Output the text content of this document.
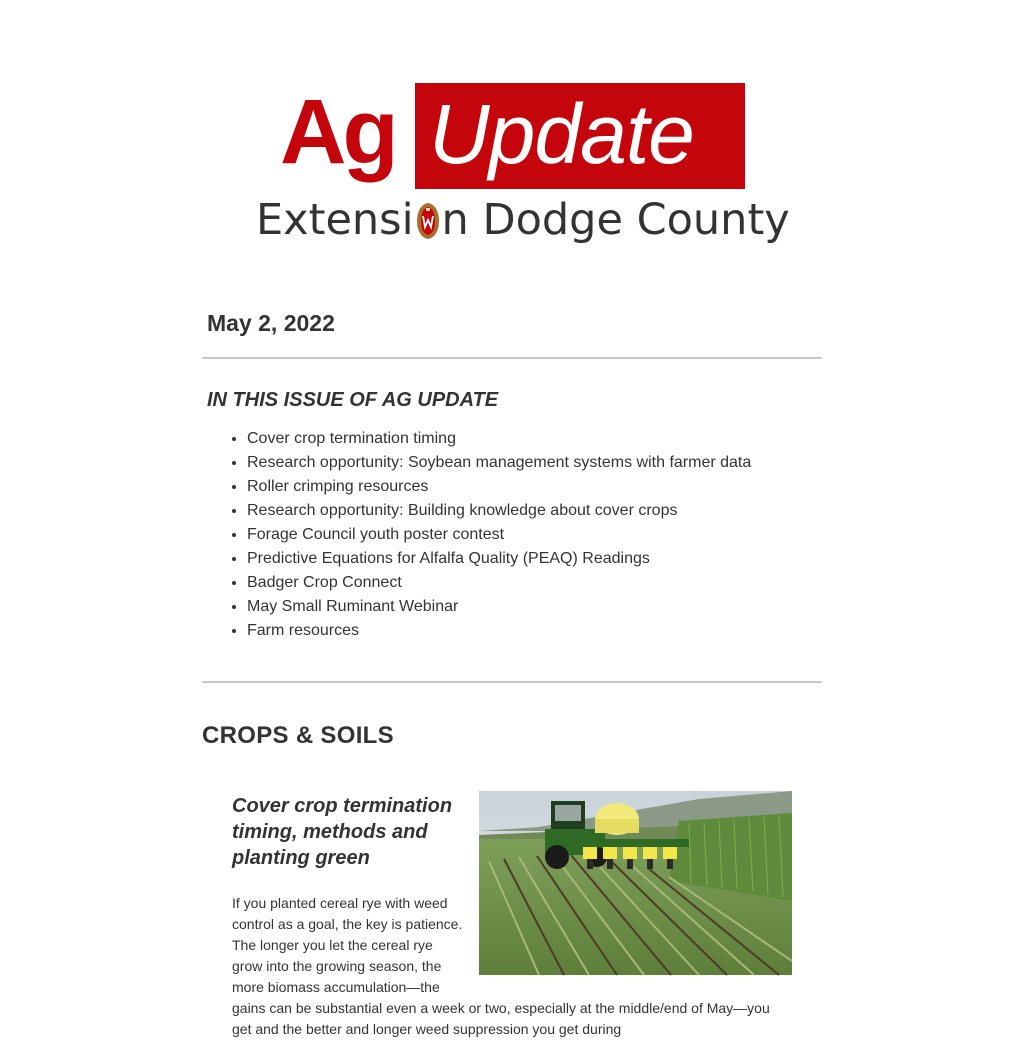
Ag Update
Extensi n Dodge County
May 2, 2022
IN THIS ISSUE OF AG UPDATE
• Cover crop termination timing
• Research opportunity: Soybean management systems with farmer data
• Roller crimping resources
• Research opportunity: Building knowledge about cover crops
• Forage Council youth poster contest
• Predictive Equations for Alfalfa Quality (PEAQ) Readings
• Badger Crop Connect
• May Small Ruminant Webinar
• Farm resources
CROPS & SOILS
Cover crop termination timing, methods and planting green

If you planted cereal rye with weed control as a goal, the key is patience. The longer you let the cereal rye grow into the growing season, the more biomass accumulation—the gains can be substantial even a week or two, especially at the middle/end of May—you get and the better and longer weed suppression you get during
